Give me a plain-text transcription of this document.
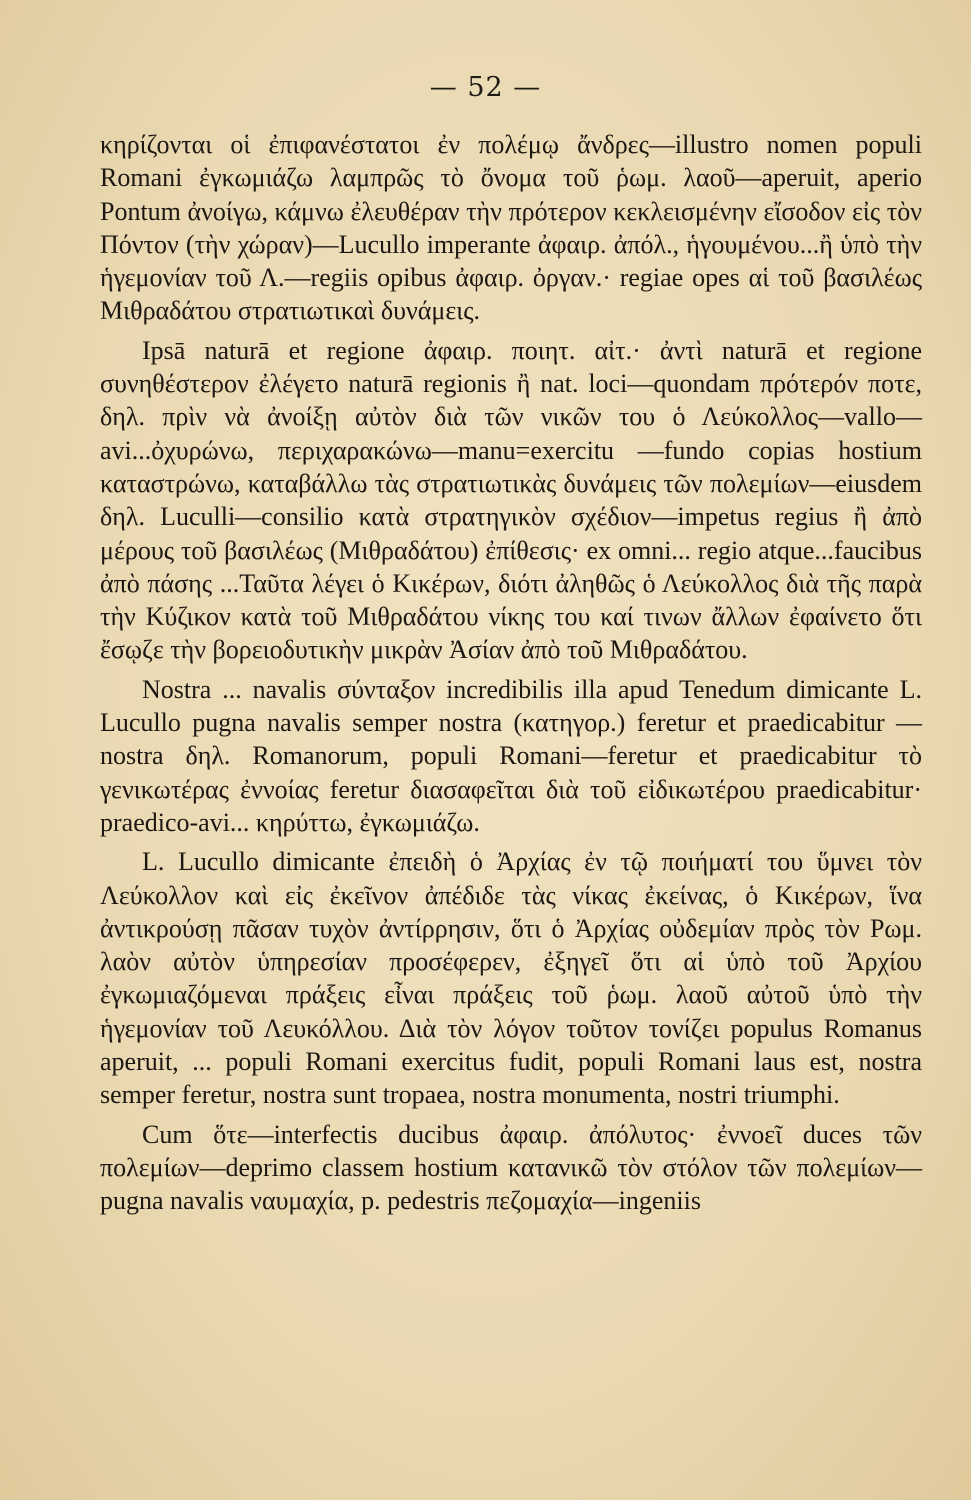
— 52 —

κηρίζονται οἱ ἐπιφανέστατοι ἐν πολέμῳ ἄνδρες—illustro nomen populi Romani ἐγκωμιάζω λαμπρῶς τὸ ὄνομα τοῦ ῥωμ. λαοῦ—aperuit, aperio Pontum ἀνοίγω, κάμνω ἐλευθέραν τὴν πρότερον κεκλεισμένην εἴσοδον εἰς τὸν Πόντον (τὴν χώραν)—Lucullo imperante ἀφαιρ. ἀπόλ., ἡγουμένου...ἢ ὑπὸ τὴν ἡγεμονίαν τοῦ Λ.—regiis opibus ἀφαιρ. ὀργαν.· regiae opes αἱ τοῦ βασιλέως Μιθραδάτου στρατιωτικαὶ δυνάμεις.

Ipsā naturā et regione ἀφαιρ. ποιητ. αἰτ.· ἀντὶ naturā et regione συνηθέστερον ἐλέγετο naturā regionis ἢ nat. loci—quondam πρότερόν ποτε, δηλ. πρὶν νὰ ἀνοίξῃ αὐτὸν διὰ τῶν νικῶν του ὁ Λεύκολλος—vallo—avi...ὀχυρώνω, περιχαρακώνω—manu=exercitu —fundo copias hostium καταστρώνω, καταβάλλω τὰς στρατιωτικὰς δυνάμεις τῶν πολεμίων—eiusdem δηλ. Luculli—consilio κατὰ στρατηγικὸν σχέδιον—impetus regius ἢ ἀπὸ μέρους τοῦ βασιλέως (Μιθραδάτου) ἐπίθεσις· ex omni... regio atque...faucibus ἀπὸ πάσης ...Ταῦτα λέγει ὁ Κικέρων, διότι ἀληθῶς ὁ Λεύκολλος διὰ τῆς παρὰ τὴν Κύζικον κατὰ τοῦ Μιθραδάτου νίκης του καί τινων ἄλλων ἐφαίνετο ὅτι ἔσῳζε τὴν βορειοδυτικὴν μικρὰν Ἀσίαν ἀπὸ τοῦ Μιθραδάτου.

Nostra ... navalis σύνταξον incredibilis illa apud Tenedum dimicante L. Lucullo pugna navalis semper nostra (κατηγορ.) feretur et praedicabitur — nostra δηλ. Romanorum, populi Romani—feretur et praedicabitur τὸ γενικωτέρας ἐννοίας feretur διασαφεῖται διὰ τοῦ εἰδικωτέρου praedicabitur· praedico-avi... κηρύττω, ἐγκωμιάζω.

L. Lucullo dimicante ἐπειδὴ ὁ Ἀρχίας ἐν τῷ ποιήματί του ὕμνει τὸν Λεύκολλον καὶ εἰς ἐκεῖνον ἀπέδιδε τὰς νίκας ἐκείνας, ὁ Κικέρων, ἵνα ἀντικρούσῃ πᾶσαν τυχὸν ἀντίρρησιν, ὅτι ὁ Ἀρχίας οὐδεμίαν πρὸς τὸν Ρωμ. λαὸν αὐτὸν ὑπηρεσίαν προσέφερεν, ἐξηγεῖ ὅτι αἱ ὑπὸ τοῦ Ἀρχίου ἐγκωμιαζόμεναι πράξεις εἶναι πράξεις τοῦ ῥωμ. λαοῦ αὐτοῦ ὑπὸ τὴν ἡγεμονίαν τοῦ Λευκόλλου. Διὰ τὸν λόγον τοῦτον τονίζει populus Romanus aperuit, ... populi Romani exercitus fudit, populi Romani laus est, nostra semper feretur, nostra sunt tropaea, nostra monumenta, nostri triumphi.

Cum ὅτε—interfectis ducibus ἀφαιρ. ἀπόλυτος· ἐννοεῖ duces τῶν πολεμίων—deprimo classem hostium κατανικῶ τὸν στόλον τῶν πολεμίων—pugna navalis ναυμαχία, p. pedestris πεζομαχία—ingeniis
